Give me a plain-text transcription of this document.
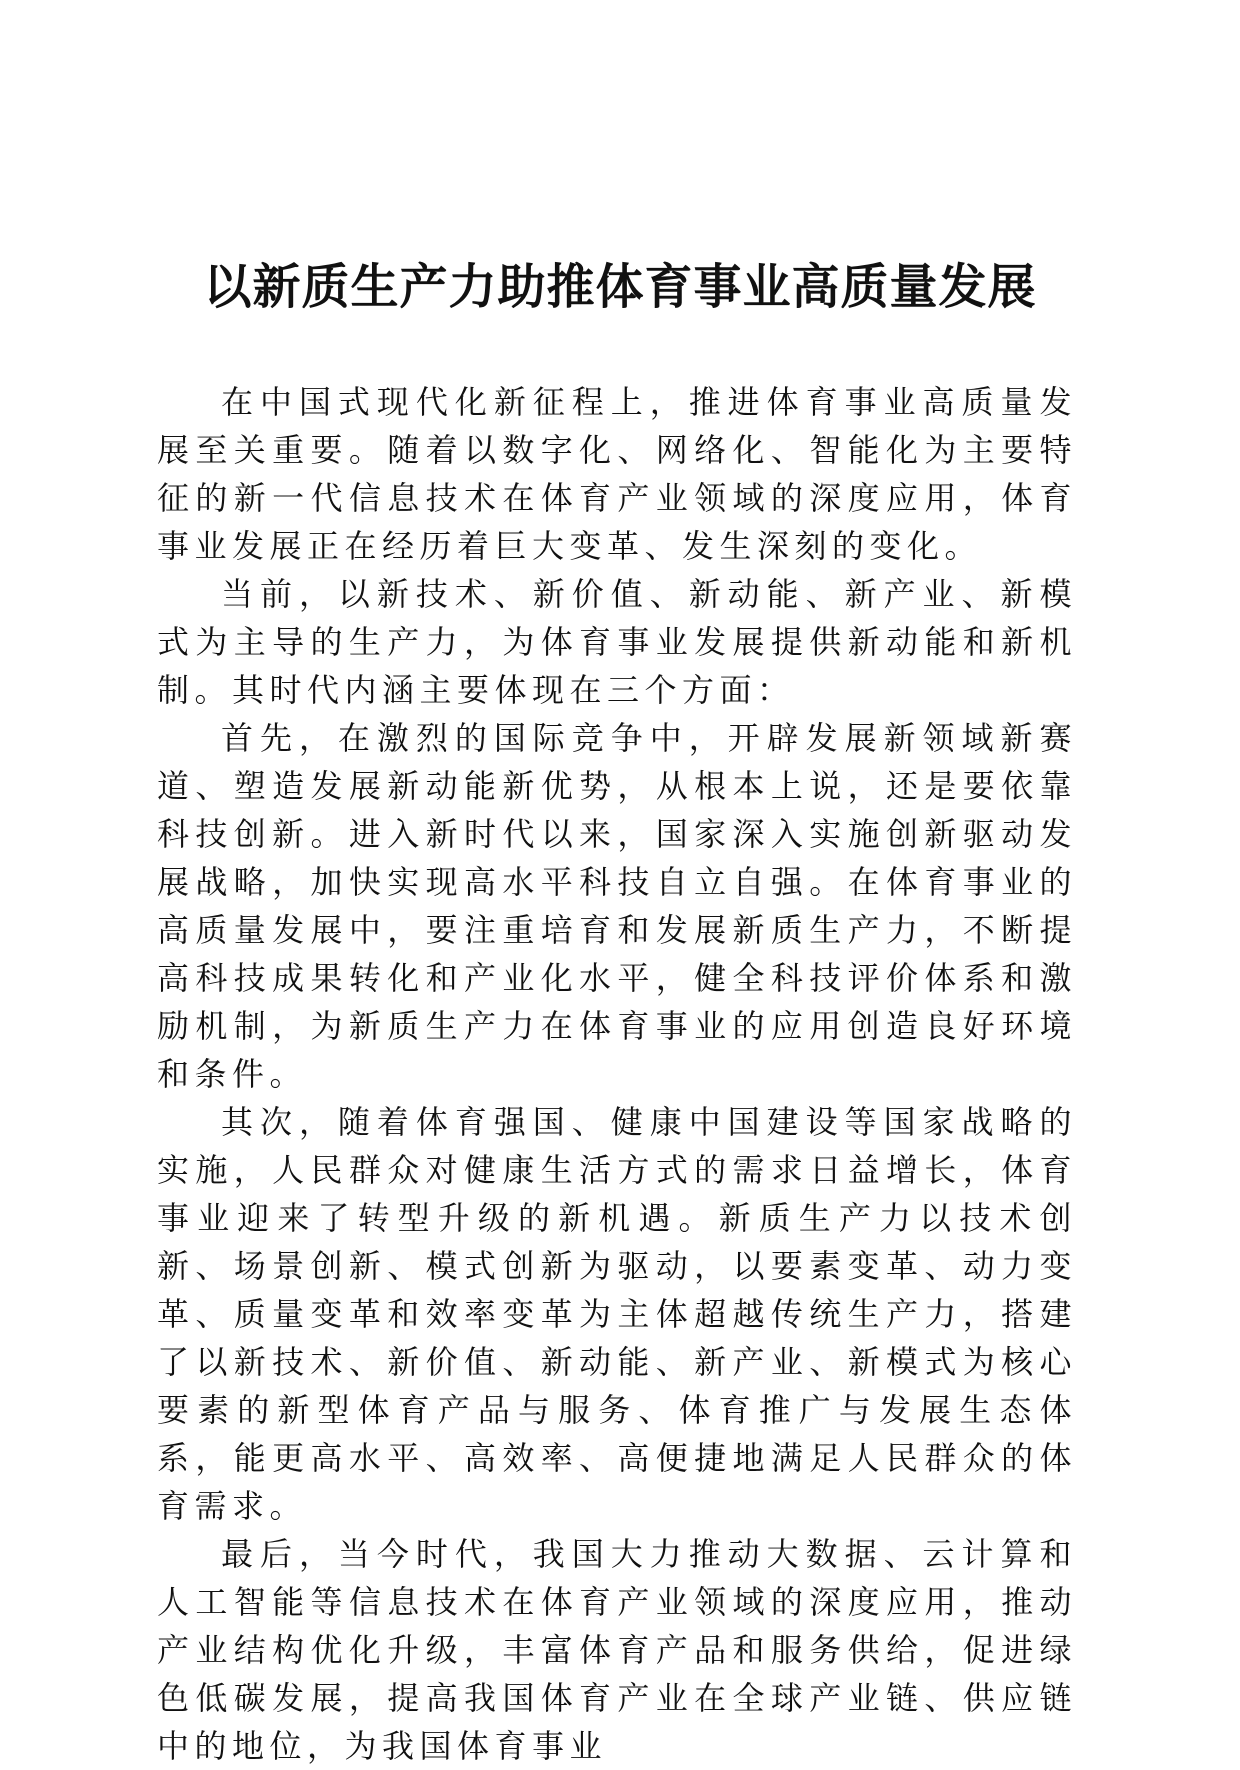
以新质生产力助推体育事业高质量发展

在中国式现代化新征程上，推进体育事业高质量发展至关重要。随着以数字化、网络化、智能化为主要特征的新一代信息技术在体育产业领域的深度应用，体育事业发展正在经历着巨大变革、发生深刻的变化。

当前，以新技术、新价值、新动能、新产业、新模式为主导的生产力，为体育事业发展提供新动能和新机制。其时代内涵主要体现在三个方面：

首先，在激烈的国际竞争中，开辟发展新领域新赛道、塑造发展新动能新优势，从根本上说，还是要依靠科技创新。进入新时代以来，国家深入实施创新驱动发展战略，加快实现高水平科技自立自强。在体育事业的高质量发展中，要注重培育和发展新质生产力，不断提高科技成果转化和产业化水平，健全科技评价体系和激励机制，为新质生产力在体育事业的应用创造良好环境和条件。

其次，随着体育强国、健康中国建设等国家战略的实施，人民群众对健康生活方式的需求日益增长，体育事业迎来了转型升级的新机遇。新质生产力以技术创新、场景创新、模式创新为驱动，以要素变革、动力变革、质量变革和效率变革为主体超越传统生产力，搭建了以新技术、新价值、新动能、新产业、新模式为核心要素的新型体育产品与服务、体育推广与发展生态体系，能更高水平、高效率、高便捷地满足人民群众的体育需求。

最后，当今时代，我国大力推动大数据、云计算和人工智能等信息技术在体育产业领域的深度应用，推动产业结构优化升级，丰富体育产品和服务供给，促进绿色低碳发展，提高我国体育产业在全球产业链、供应链中的地位，为我国体育事业
